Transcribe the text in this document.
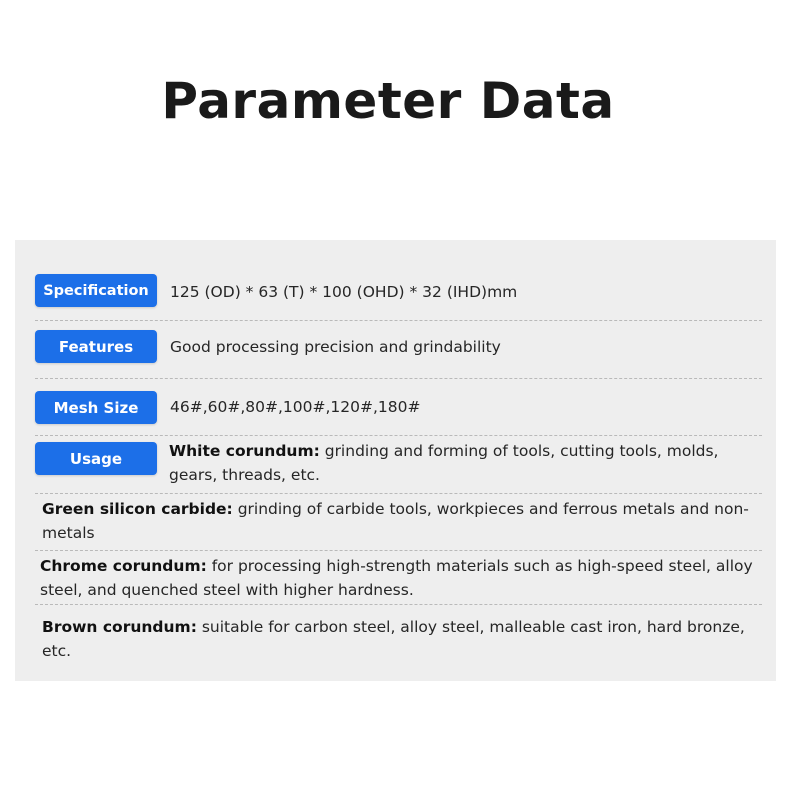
Parameter Data
Specification	125 (OD) * 63 (T) * 100 (OHD) * 32 (IHD)mm
Features	Good processing precision and grindability
Mesh Size	46#,60#,80#,100#,120#,180#
Usage	White corundum: grinding and forming of tools, cutting tools, molds, gears, threads, etc.
Green silicon carbide: grinding of carbide tools, workpieces and ferrous metals and non-metals
Chrome corundum: for processing high-strength materials such as high-speed steel, alloy steel, and quenched steel with higher hardness.
Brown corundum: suitable for carbon steel, alloy steel, malleable cast iron, hard bronze, etc.
